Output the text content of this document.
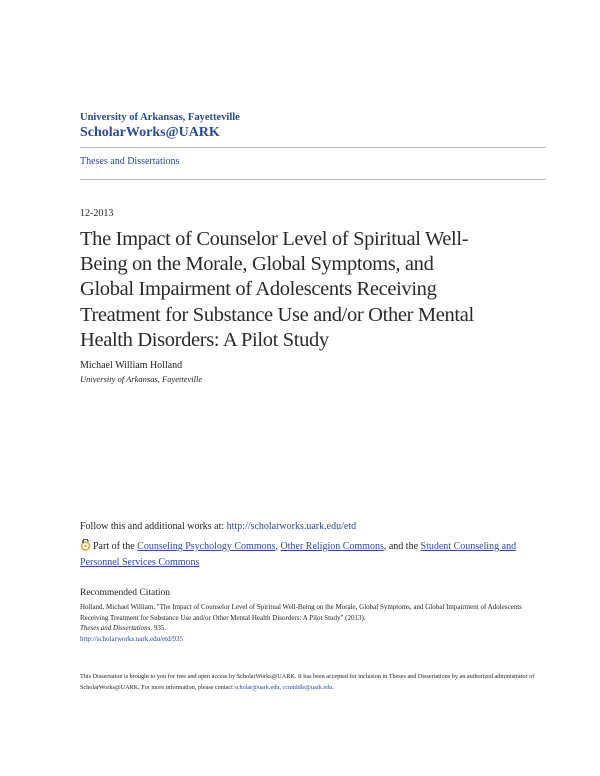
University of Arkansas, Fayetteville
ScholarWorks@UARK
Theses and Dissertations
12-2013
The Impact of Counselor Level of Spiritual Well-
Being on the Morale, Global Symptoms, and
Global Impairment of Adolescents Receiving
Treatment for Substance Use and/or Other Mental
Health Disorders: A Pilot Study
Michael William Holland
University of Arkansas, Fayetteville
Follow this and additional works at: http://scholarworks.uark.edu/etd
Part of the Counseling Psychology Commons, Other Religion Commons, and the Student Counseling and Personnel Services Commons
Recommended Citation
Holland, Michael William, "The Impact of Counselor Level of Spiritual Well-Being on the Morale, Global Symptoms, and Global Impairment of Adolescents Receiving Treatment for Substance Use and/or Other Mental Health Disorders: A Pilot Study" (2013).
Theses and Dissertations. 935.
http://scholarworks.uark.edu/etd/935
This Dissertation is brought to you for free and open access by ScholarWorks@UARK. It has been accepted for inclusion in Theses and Dissertations by an authorized administrator of ScholarWorks@UARK. For more information, please contact scholar@uark.edu, ccmiddle@uark.edu.
